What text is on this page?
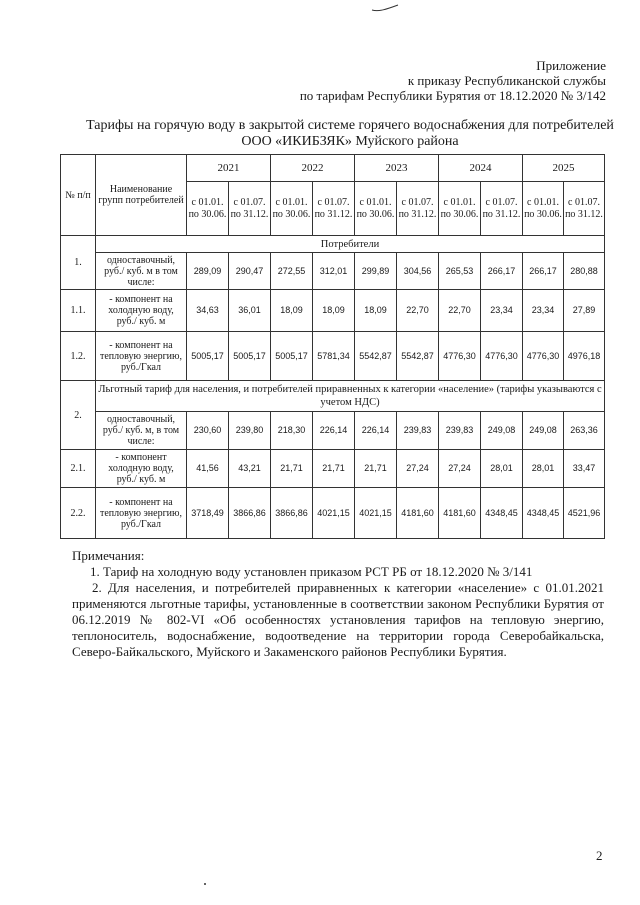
Приложение
к приказу Республиканской службы
по тарифам Республики Бурятия от 18.12.2020 № 3/142
Тарифы на горячую воду в закрытой системе горячего водоснабжения для потребителей
ООО «ИКИБЗЯК» Муйского района
№ п/п	Наименование групп потребителей	2021		2022		2023		2024		2025	
		с 01.01. по 30.06.	с 01.07. по 31.12.	с 01.01. по 30.06.	с 01.07. по 31.12.	с 01.01. по 30.06.	с 01.07. по 31.12.	с 01.01. по 30.06.	с 01.07. по 31.12.	с 01.01. по 30.06.	с 01.07. по 31.12.
1.	Потребители										
	одноставочный, руб./ куб. м в том числе:	289,09	290,47	272,55	312,01	299,89	304,56	265,53	266,17	266,17	280,88
1.1.	- компонент на холодную воду, руб./ куб. м	34,63	36,01	18,09	18,09	18,09	22,70	22,70	23,34	23,34	27,89
1.2.	- компонент на тепловую энергию, руб./Гкал	5005,17	5005,17	5005,17	5781,34	5542,87	5542,87	4776,30	4776,30	4776,30	4976,18
2.	Льготный тариф для населения, и потребителей приравненных к категории «население» (тарифы указываются с учетом НДС)										
	одноставочный, руб./ куб. м, в том числе:	230,60	239,80	218,30	226,14	226,14	239,83	239,83	249,08	249,08	263,36
2.1.	- компонент холодную воду, руб./ куб. м	41,56	43,21	21,71	21,71	21,71	27,24	27,24	28,01	28,01	33,47
2.2.	- компонент на тепловую энергию, руб./Гкал	3718,49	3866,86	3866,86	4021,15	4021,15	4181,60	4181,60	4348,45	4348,45	4521,96

Примечания:

1. Тариф на холодную воду установлен приказом РСТ РБ от 18.12.2020 № 3/141

2. Для населения, и потребителей приравненных к категории «население» с 01.01.2021 применяются льготные тарифы, установленные в соответствии законом Республики Бурятия от 06.12.2019 № 802-VI «Об особенностях установления тарифов на тепловую энергию, теплоноситель, водоснабжение, водоотведение на территории города Северобайкальска, Северо-Байкальского, Муйского и Закаменского районов Республики Бурятия.

2
